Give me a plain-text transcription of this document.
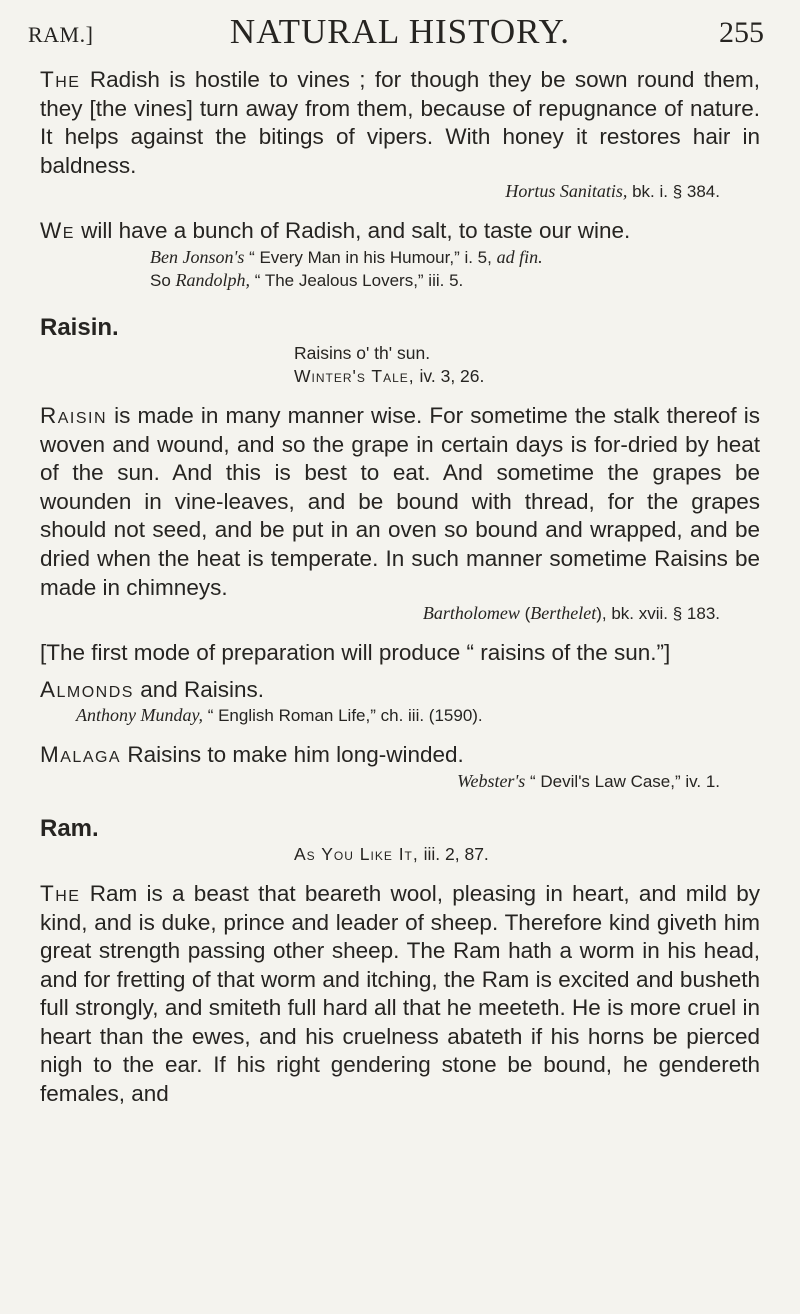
RAM.]	NATURAL HISTORY.	255

The Radish is hostile to vines ; for though they be sown round them, they [the vines] turn away from them, because of repugnance of nature. It helps against the bitings of vipers. With honey it restores hair in baldness.

Hortus Sanitatis, bk. i. § 384.

We will have a bunch of Radish, and salt, to taste our wine.

Ben Jonson's “ Every Man in his Humour,” i. 5, ad fin.

So Randolph, “ The Jealous Lovers,” iii. 5.

Raisin.

Raisins o' th' sun.

Winter's Tale, iv. 3, 26.

Raisin is made in many manner wise. For sometime the stalk thereof is woven and wound, and so the grape in certain days is for-dried by heat of the sun. And this is best to eat. And sometime the grapes be wounden in vine-leaves, and be bound with thread, for the grapes should not seed, and be put in an oven so bound and wrapped, and be dried when the heat is temperate. In such manner sometime Raisins be made in chimneys.

Bartholomew (Berthelet), bk. xvii. § 183.

[The first mode of preparation will produce “ raisins of the sun.”]

Almonds and Raisins.

Anthony Munday, “ English Roman Life,” ch. iii. (1590).

Malaga Raisins to make him long-winded.

Webster's “ Devil's Law Case,” iv. 1.

Ram.

As You Like It, iii. 2, 87.

The Ram is a beast that beareth wool, pleasing in heart, and mild by kind, and is duke, prince and leader of sheep. Therefore kind giveth him great strength passing other sheep. The Ram hath a worm in his head, and for fretting of that worm and itching, the Ram is excited and busheth full strongly, and smiteth full hard all that he meeteth. He is more cruel in heart than the ewes, and his cruelness abateth if his horns be pierced nigh to the ear. If his right gendering stone be bound, he gendereth females, and
